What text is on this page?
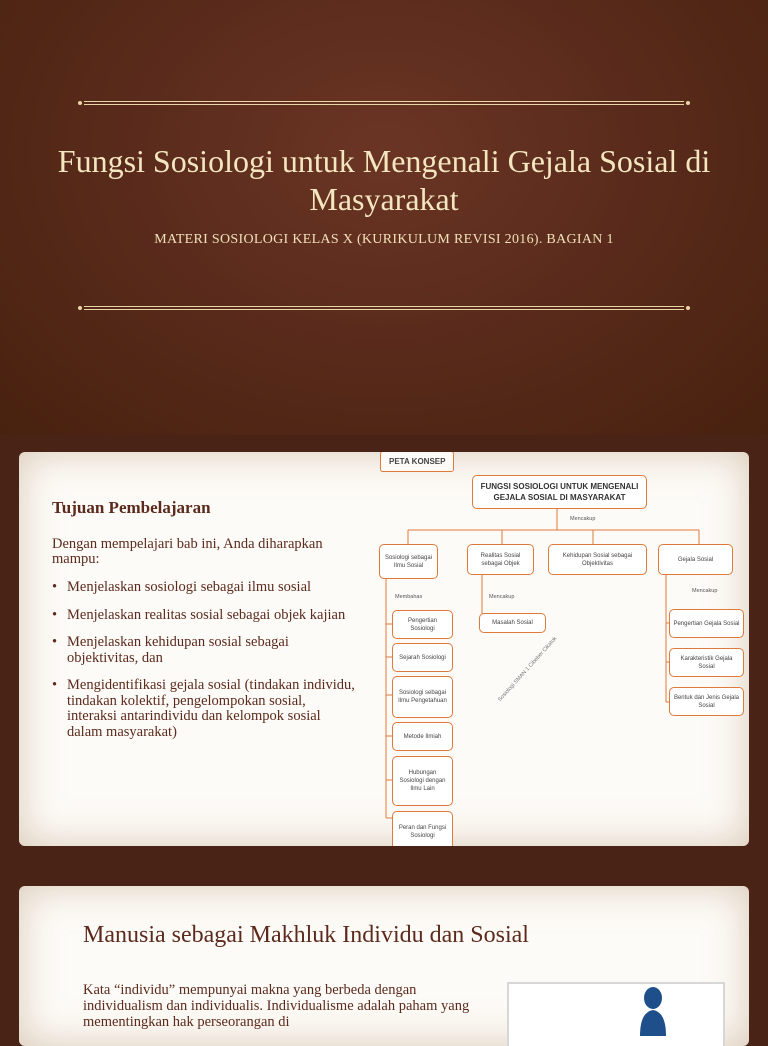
Fungsi Sosiologi untuk Mengenali Gejala Sosial di Masyarakat
MATERI SOSIOLOGI KELAS X (KURIKULUM REVISI 2016). BAGIAN 1
Tujuan Pembelajaran
Dengan mempelajari bab ini, Anda diharapkan mampu:
• Menjelaskan sosiologi sebagai ilmu sosial
• Menjelaskan realitas sosial sebagai objek kajian
• Menjelaskan kehidupan sosial sebagai objektivitas, dan
• Mengidentifikasi gejala sosial (tindakan individu, tindakan kolektif, pengelompokan sosial, interaksi antarindividu dan kelompok sosial dalam masyarakat)
PETA KONSEP
FUNGSI SOSIOLOGI UNTUK MENGENALI GEJALA SOSIAL DI MASYARAKAT
Mencakup
Sosiologi sebagai Ilmu Sosial
Realitas Sosial sebagai Objek
Kehidupan Sosial sebagai Objektivitas
Gejala Sosial
Membahas	Mencakup
Mencakup
Pengertian Sosiologi
Sejarah Sosiologi
Sosiologi sebagai Ilmu Pengetahuan
Metode Ilmiah
Hubungan Sosiologi dengan Ilmu Lain
Peran dan Fungsi Sosiologi
Masalah Sosial	Pengertian Gejala Sosial
Karakteristik Gejala Sosial
Bentuk dan Jenis Gejala Sosial
Sosiologi SMAN 1 Cibeber Cikatok
Manusia sebagai Makhluk Individu dan Sosial
Kata “individu” mempunyai makna yang berbeda dengan individualism dan individualis. Individualisme adalah paham yang mementingkan hak perseorangan di
